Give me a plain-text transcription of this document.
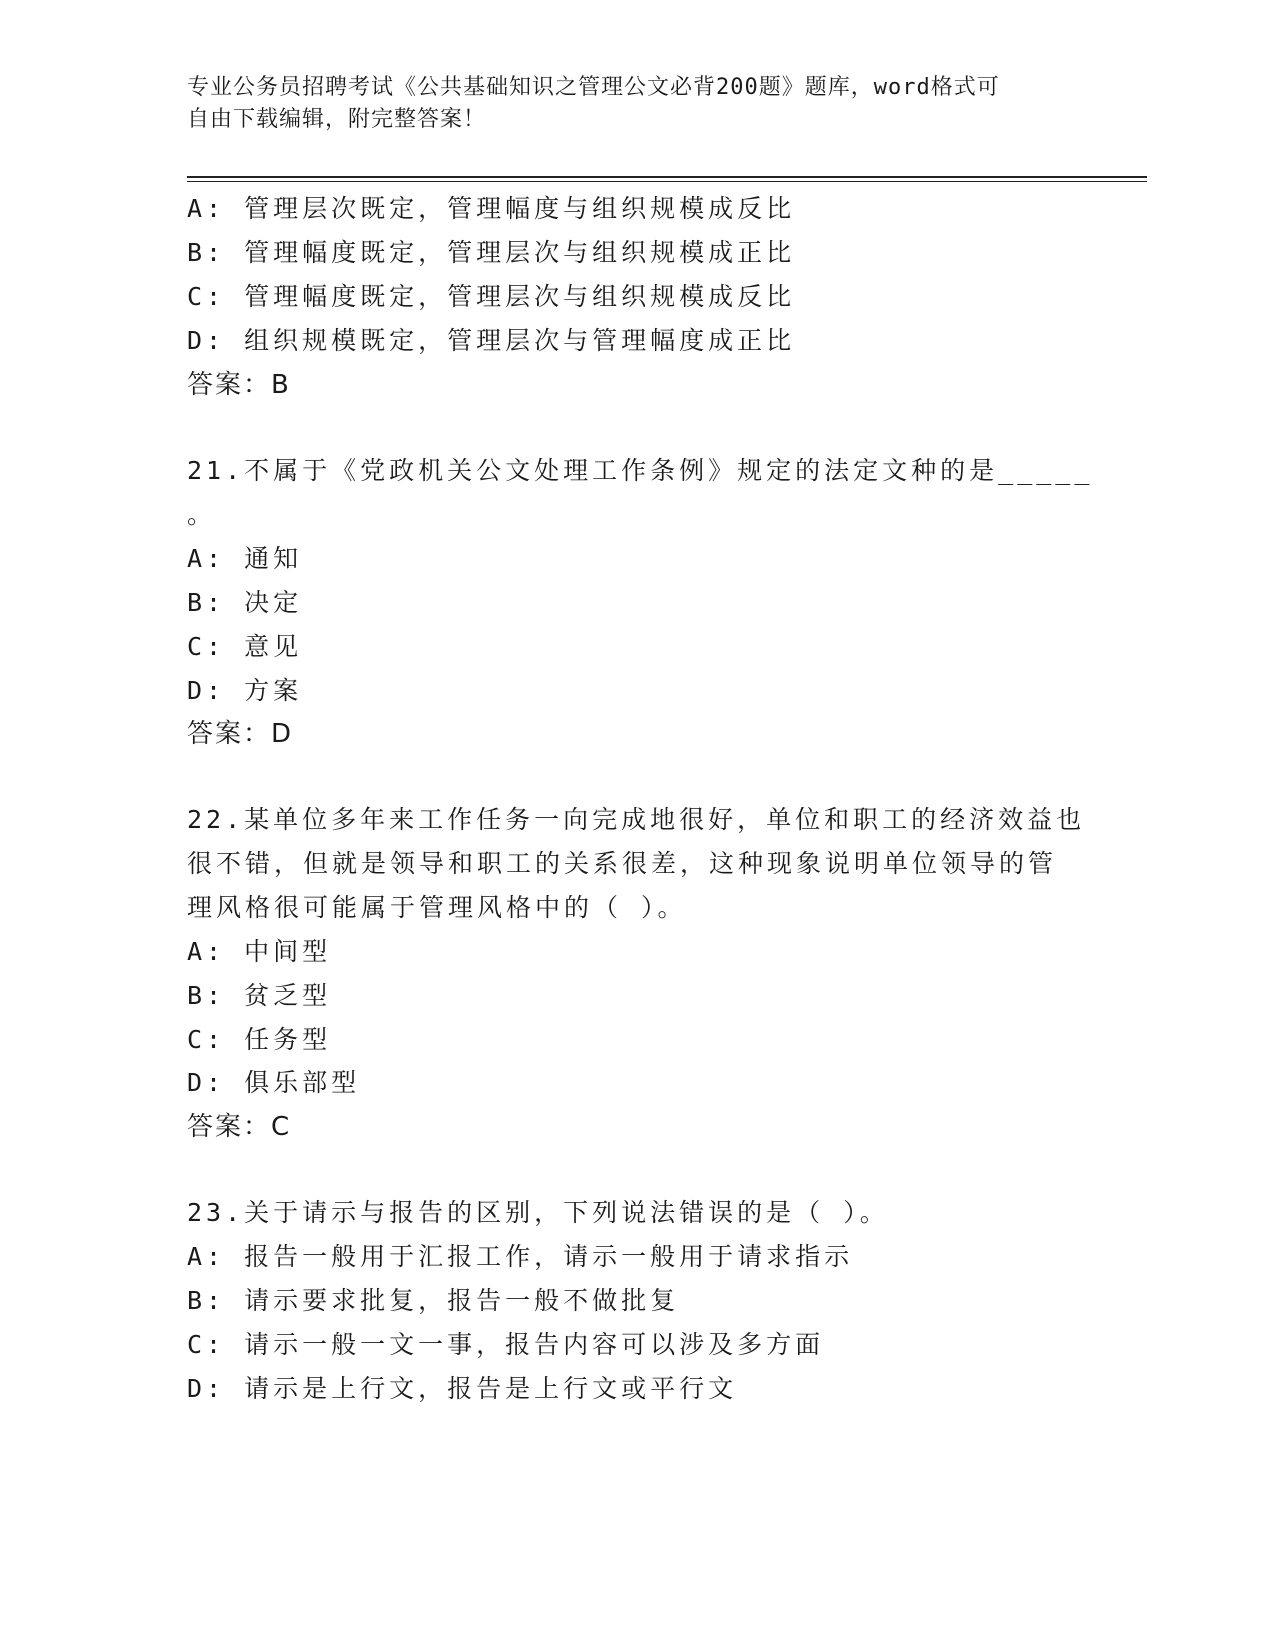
专业公务员招聘考试《公共基础知识之管理公文必背200题》题库，word格式可

自由下载编辑，附完整答案！

A: 管理层次既定，管理幅度与组织规模成反比
B: 管理幅度既定，管理层次与组织规模成正比
C: 管理幅度既定，管理层次与组织规模成反比
D: 组织规模既定，管理层次与管理幅度成正比
答案：B
21.不属于《党政机关公文处理工作条例》规定的法定文种的是_____
。
A: 通知
B: 决定
C: 意见
D: 方案
答案：D
22.某单位多年来工作任务一向完成地很好，单位和职工的经济效益也
很不错，但就是领导和职工的关系很差，这种现象说明单位领导的管
理风格很可能属于管理风格中的（ ）。
A: 中间型
B: 贫乏型
C: 任务型
D: 俱乐部型
答案：C
23.关于请示与报告的区别，下列说法错误的是（ ）。
A: 报告一般用于汇报工作，请示一般用于请求指示
B: 请示要求批复，报告一般不做批复
C: 请示一般一文一事，报告内容可以涉及多方面
D: 请示是上行文，报告是上行文或平行文
